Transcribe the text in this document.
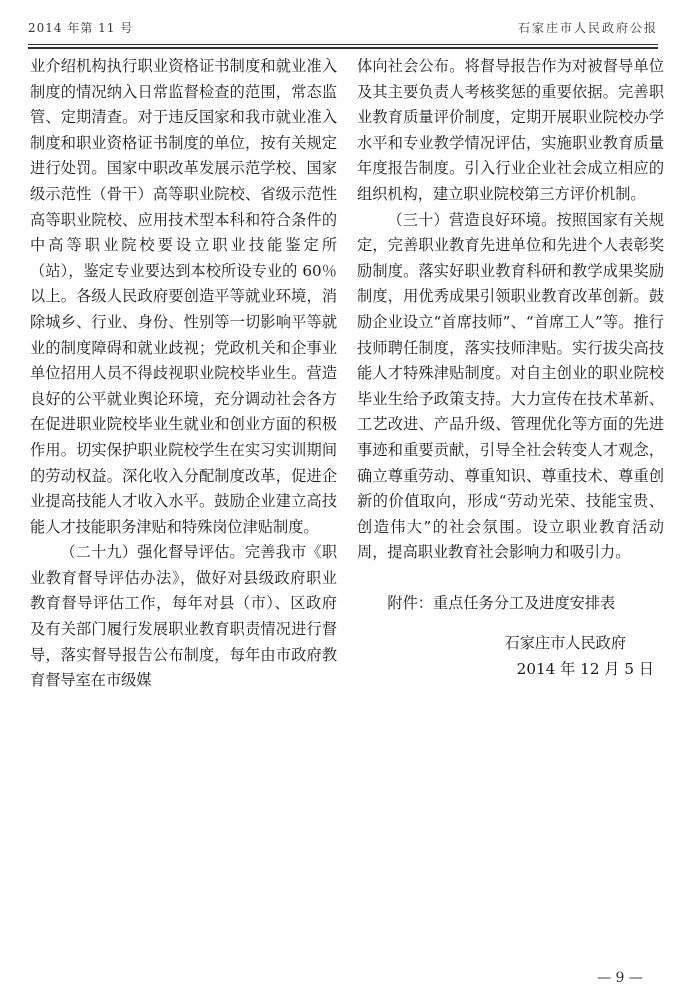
2014 年第 11 号	石家庄市人民政府公报

业介绍机构执行职业资格证书制度和就业准入制度的情况纳入日常监督检查的范围，常态监管、定期清查。对于违反国家和我市就业准入制度和职业资格证书制度的单位，按有关规定进行处罚。国家中职改革发展示范学校、国家级示范性（骨干）高等职业院校、省级示范性高等职业院校、应用技术型本科和符合条件的中高等职业院校要设立职业技能鉴定所（站），鉴定专业要达到本校所设专业的 60％以上。各级人民政府要创造平等就业环境，消除城乡、行业、身份、性别等一切影响平等就业的制度障碍和就业歧视；党政机关和企事业单位招用人员不得歧视职业院校毕业生。营造良好的公平就业舆论环境，充分调动社会各方在促进职业院校毕业生就业和创业方面的积极作用。切实保护职业院校学生在实习实训期间的劳动权益。深化收入分配制度改革，促进企业提高技能人才收入水平。鼓励企业建立高技能人才技能职务津贴和特殊岗位津贴制度。

（二十九）强化督导评估。完善我市《职业教育督导评估办法》，做好对县级政府职业教育督导评估工作，每年对县（市）、区政府及有关部门履行发展职业教育职责情况进行督导，落实督导报告公布制度，每年由市政府教育督导室在市级媒

体向社会公布。将督导报告作为对被督导单位及其主要负责人考核奖惩的重要依据。完善职业教育质量评价制度，定期开展职业院校办学水平和专业教学情况评估，实施职业教育质量年度报告制度。引入行业企业社会成立相应的组织机构，建立职业院校第三方评价机制。

（三十）营造良好环境。按照国家有关规定，完善职业教育先进单位和先进个人表彰奖励制度。落实好职业教育科研和教学成果奖励制度，用优秀成果引领职业教育改革创新。鼓励企业设立“首席技师”、“首席工人”等。推行技师聘任制度，落实技师津贴。实行拔尖高技能人才特殊津贴制度。对自主创业的职业院校毕业生给予政策支持。大力宣传在技术革新、工艺改进、产品升级、管理优化等方面的先进事迹和重要贡献，引导全社会转变人才观念，确立尊重劳动、尊重知识、尊重技术、尊重创新的价值取向，形成“劳动光荣、技能宝贵、创造伟大”的社会氛围。设立职业教育活动周，提高职业教育社会影响力和吸引力。

附件：重点任务分工及进度安排表

石家庄市人民政府

2014 年 12 月 5 日

— 9 —
